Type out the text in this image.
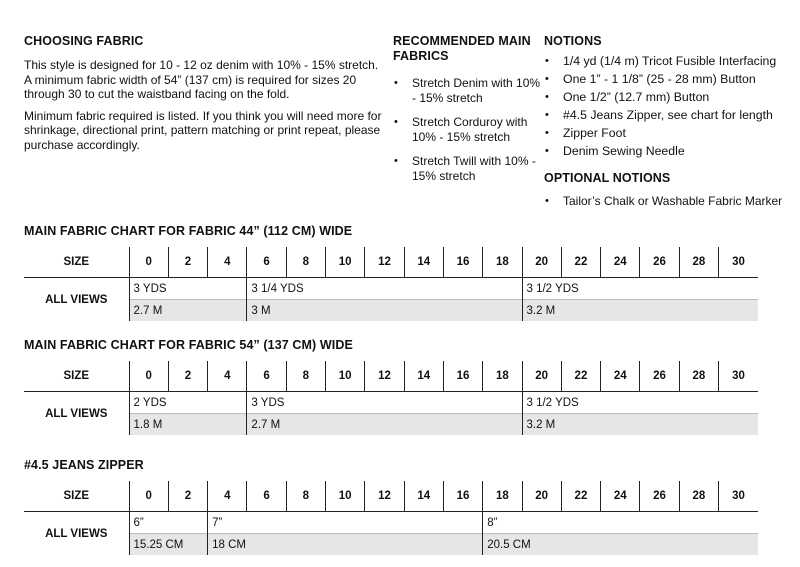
CHOOSING FABRIC

This style is designed for 10 - 12 oz denim with 10% - 15% stretch. A minimum fabric width of 54” (137 cm) is required for sizes 20 through 30 to cut the waistband facing on the fold.

Minimum fabric required is listed. If you think you will need more for shrinkage, directional print, pattern matching or print repeat, please purchase accordingly.

RECOMMENDED MAIN FABRICS
• Stretch Denim with 10% - 15% stretch
• Stretch Corduroy with 10% - 15% stretch
• Stretch Twill with 10% - 15% stretch
NOTIONS
• 1/4 yd (1/4 m) Tricot Fusible Interfacing
• One 1” - 1 1/8” (25 - 28 mm) Button
• One 1/2” (12.7 mm) Button
• #4.5 Jeans Zipper, see chart for length
• Zipper Foot
• Denim Sewing Needle
OPTIONAL NOTIONS
• Tailor’s Chalk or Washable Fabric Marker
MAIN FABRIC CHART FOR FABRIC 44” (112 CM) WIDE
SIZE	0	2	4	6	8	10	12	14	16	18	20	22	24	26	28	30
ALL VIEWS	3 YDS			3 1/4 YDS							3 1/2 YDS					
	2.7 M			3 M							3.2 M					
MAIN FABRIC CHART FOR FABRIC 54” (137 CM) WIDE
SIZE	0	2	4	6	8	10	12	14	16	18	20	22	24	26	28	30
ALL VIEWS	2 YDS			3 YDS							3 1/2 YDS					
	1.8 M			2.7 M							3.2 M					
#4.5 JEANS ZIPPER
SIZE	0	2	4	6	8	10	12	14	16	18	20	22	24	26	28	30
ALL VIEWS	6”		7”							8”						
	15.25 CM		18 CM							20.5 CM						
